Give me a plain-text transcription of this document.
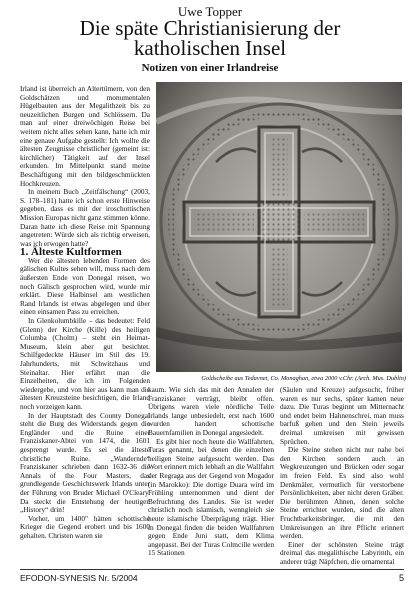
Uwe Topper
Die späte Christianisierung der
katholischen Insel
Notizen von einer Irlandreise

Irland ist überreich an Altertümern, von den Goldschätzen und monumentalen Hügelbauten aus der Megalithzeit bis zu neuzeitlichen Burgen und Schlössern. Da man auf einer dreiwöchigen Reise bei weitem nicht alles sehen kann, hatte ich mir eine genaue Aufgabe gestellt: Ich wollte die ältesten Zeugnisse christlicher (gemeint ist: kirchlicher) Tätigkeit auf der Insel erkunden. Im Mittelpunkt stand meine Beschäftigung mit den bildgeschmückten Hochkreuzen.

In meinem Buch „Zeitfälschung“ (2003, S. 178–181) hatte ich schon erste Hinweise gegeben, dass es mit der iroschottischen Mission Europas nicht ganz stimmen könne. Daran hatte ich diese Reise mit Spannung angetreten: Würde sich als richtig erweisen, was ich erwogen hatte?

1. Älteste Kultformen

Wer die ältesten lebenden Formen des gälischen Kultes sehen will, muss nach dem äußersten Ende von Donegal reisen, wo noch Gälisch gesprochen wird, wurde mir erklärt. Diese Halbinsel am westlichen Rand Irlands ist etwas abgelegen und über einen einsamen Pass zu erreichen.

In Glenkolumbkille – das bedeutet: Feld (Glenn) der Kirche (Kille) des heiligen Columba (Cholm) – steht ein Heimat-Museum, klein aber gut besichtet. Schilfgedeckte Häuser im Stil des 19. Jahrhunderts, mit Schwitzhaus und Steinaltar. Hier erfährt man die Einzelheiten, die ich im Folgenden wiedergebe, und von hier aus kann man die ältesten Kreuzsteine besichtigen, die Irland noch vorzeigen kann.

In der Hauptstadt des County Donegal steht die Burg des Widerstands gegen die Engländer und die Ruine einer Franziskaner-Abtei von 1474, die 1601 gesprengt wurde. Es sei die älteste christliche Ruine. „Wandernde“ Franziskaner schrieben dann 1632-36 die Annals of the Four Masters, das grundlegende Geschichtswerk Irlands unter der Führung von Bruder Michael O'Cleary. Da steckt die Entstehung der heutigen „History“ drin!

Vorher, um 1400" hätten schottische Krieger die Gegend erobert und bis 1600 gehalten. Christen waren sie

Goldscheibe aus Tedavnet, Co. Monaghan, etwa 2000 v.Chr. (Arch. Mus. Dublin)

kaum. Wie sich das mit den Annalen der Franziskaner verträgt, bleibt offen. Übrigens waren viele nördliche Teile Irlands lange unbesiedelt, erst nach 1600 wurden handert schottische Bauernfamilien in Donegal angesiedelt.

Es gibt hier noch heute die Wallfahrten, Turas genannt, bei denen die einzelnen heiligen Steine aufgesucht werden. Das Wort erinnert mich lebhaft an die Wallfahrt der Regraga aus der Gegend von Mogador (in Marokko): Die dortige Duara wird im Frühling unternommen und dient der Befruchtung des Landes. Sie ist weder christlich noch islamisch, wenngleich sie heute islamische Überprägung trägt. Hier in Donegal finden die beiden Wallfahrten gegen Ende Juni statt, dem Klima angepasst. Bei der Turas Colmcille werden 15 Stationen

(Säulen und Kreuze) aufgesucht, früher waren es nur sechs, später kamen neue dazu. Die Turas beginnt um Mitternacht und endet beim Hahnenschrei, man muss barfuß gehen und den Stein jeweils dreimal umkreisen mit gewissen Sprüchen.

Die Steine stehen nicht nur nahe bei den Kirchen sondern auch an Wegkreuzungen und Brücken oder sogar im freien Feld. Es sind also wohl Denkmäler, vermutlich für verstorbene Persönlichkeiten, aber nicht deren Gräber. Die berühmten Ahnen, denen solche Steine errichtet wurden, sind die alten Fruchtbarkeitsbringer, die mit den Umkreisungen an ihre Pflicht erinnert werden.

Einer der schönsten Steine trägt dreimal das megalithische Labyrinth, ein anderer trägt Näpfchen, die ornamental

EFODON-SYNESIS Nr. 5/2004	5
